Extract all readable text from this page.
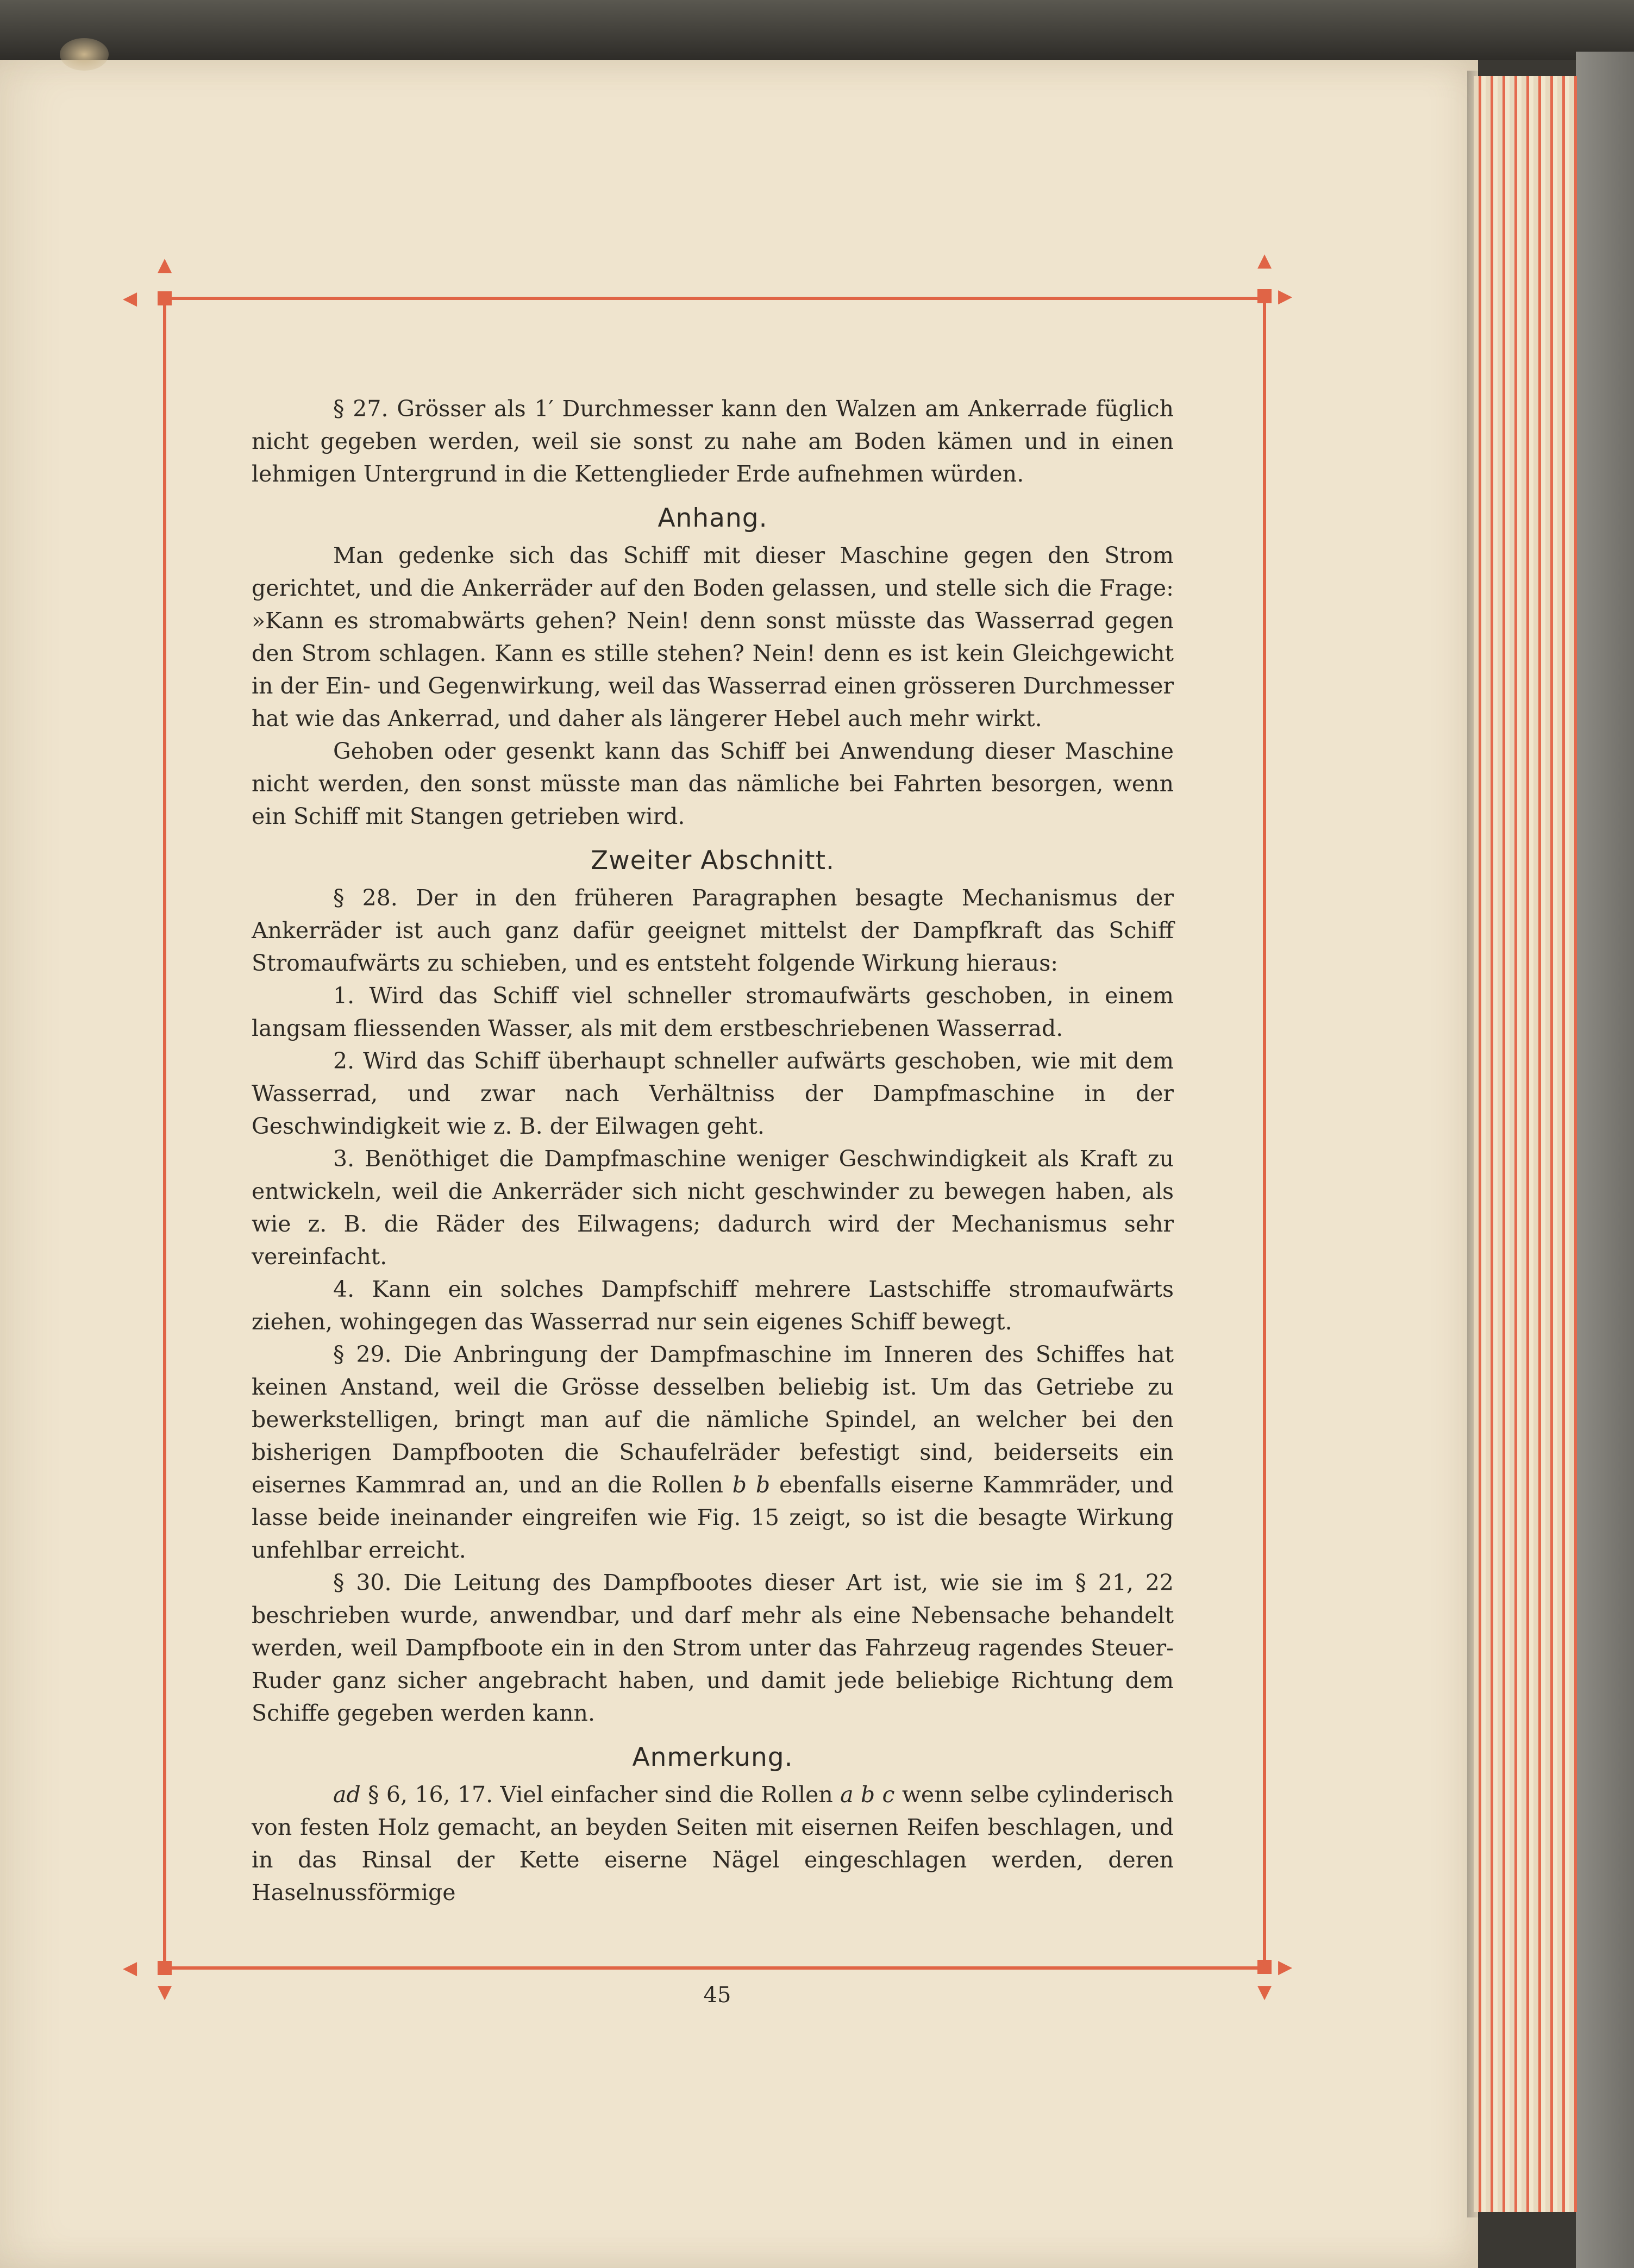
▲
◀
▲
▶
◀
▼
▶
▼

§ 27. Grösser als 1′ Durchmesser kann den Walzen am Ankerrade füglich nicht gegeben werden, weil sie sonst zu nahe am Boden kämen und in einen lehmigen Untergrund in die Kettenglieder Erde aufnehmen würden.

Anhang.

Man gedenke sich das Schiff mit dieser Maschine gegen den Strom gerichtet, und die Ankerräder auf den Boden gelassen, und stelle sich die Frage: »Kann es stromabwärts gehen? Nein! denn sonst müsste das Wasserrad gegen den Strom schlagen. Kann es stille stehen? Nein! denn es ist kein Gleichgewicht in der Ein- und Gegenwirkung, weil das Wasserrad einen grösseren Durchmesser hat wie das Ankerrad, und daher als längerer Hebel auch mehr wirkt.

Gehoben oder gesenkt kann das Schiff bei Anwendung dieser Maschine nicht werden, den sonst müsste man das nämliche bei Fahrten besorgen, wenn ein Schiff mit Stangen getrieben wird.

Zweiter Abschnitt.

§ 28. Der in den früheren Paragraphen besagte Mechanismus der Ankerräder ist auch ganz dafür geeignet mittelst der Dampfkraft das Schiff Stromaufwärts zu schieben, und es entsteht folgende Wirkung hieraus:

1. Wird das Schiff viel schneller stromaufwärts geschoben, in einem langsam fliessenden Wasser, als mit dem erstbeschriebenen Wasserrad.

2. Wird das Schiff überhaupt schneller aufwärts geschoben, wie mit dem Wasserrad, und zwar nach Verhältniss der Dampfmaschine in der Geschwindigkeit wie z. B. der Eilwagen geht.

3. Benöthiget die Dampfmaschine weniger Geschwindigkeit als Kraft zu entwickeln, weil die Ankerräder sich nicht geschwinder zu bewegen haben, als wie z. B. die Räder des Eilwagens; dadurch wird der Mechanismus sehr vereinfacht.

4. Kann ein solches Dampfschiff mehrere Lastschiffe stromaufwärts ziehen, wohingegen das Wasserrad nur sein eigenes Schiff bewegt.

§ 29. Die Anbringung der Dampfmaschine im Inneren des Schiffes hat keinen Anstand, weil die Grösse desselben beliebig ist. Um das Getriebe zu bewerkstelligen, bringt man auf die nämliche Spindel, an welcher bei den bisherigen Dampfbooten die Schaufelräder befestigt sind, beiderseits ein eisernes Kammrad an, und an die Rollen b b ebenfalls eiserne Kammräder, und lasse beide ineinander eingreifen wie Fig. 15 zeigt, so ist die besagte Wirkung unfehlbar erreicht.

§ 30. Die Leitung des Dampfbootes dieser Art ist, wie sie im § 21, 22 beschrieben wurde, anwendbar, und darf mehr als eine Nebensache behandelt werden, weil Dampfboote ein in den Strom unter das Fahrzeug ragendes Steuer-Ruder ganz sicher angebracht haben, und damit jede beliebige Richtung dem Schiffe gegeben werden kann.

Anmerkung.

ad § 6, 16, 17. Viel einfacher sind die Rollen a b c wenn selbe cylinderisch von festen Holz gemacht, an beyden Seiten mit eisernen Reifen beschlagen, und in das Rinsal der Kette eiserne Nägel eingeschlagen werden, deren Haselnussförmige

45
